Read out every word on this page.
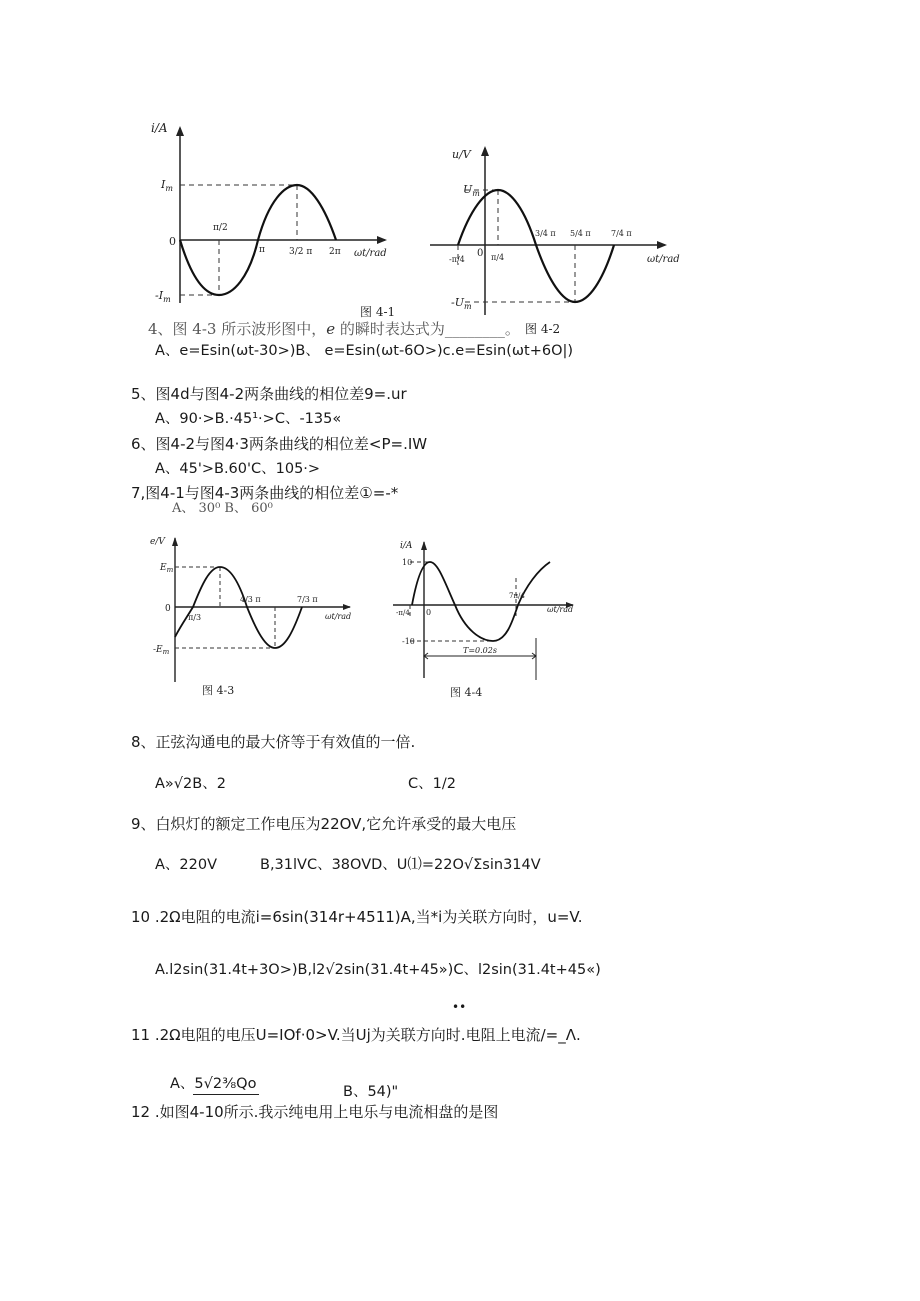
i/A
ωt/rad
$I_m$
$-I_m$
0
π/2
π	3/2 π 2π
图 4-1
u/V
ωt/rad
$U_m$
$-U_m$
0
-π/4	π/4
3/4 π 5/4 π	7/4 π
图 4-2
4、图 4-3 所示波形图中，e 的瞬时表达式为________。
A、e=Esin(ωt-30>)B、 e=Esin(ωt-6O>)c.e=Esin(ωt+6O|)
5、图4d与图4-2两条曲线的相位差9=.ur
A、90·>B.·45¹·>C、-135«
6、图4-2与图4·3两条曲线的相位差<P=.IW
A、45'>B.60'C、105·>
7,图4-1与图4-3两条曲线的相位差①=-*
A、 30⁰ B、 60⁰
e/V
ωt/rad
$E_m$
$-E_m$
0
π/3
4/3 π	7/3 π
图 4-3
i/A
ωt/rad
10
-10
0
-π/4
7π/4
T=0.02s
图 4-4
8、正弦沟通电的最大侪等于有效值的一倍.
A»√2B、2	C、1/2
9、白炽灯的额定工作电压为22OV,它允许承受的最大电压
A、220V	B,31lVC、38OVD、U⑴=22O√Σsin314V
10 .2Ω电阻的电流i=6sin(314r+4511)A,当*i为关联方向时，u=V.
A.l2sin(31.4t+3O>)B,l2√2sin(31.4t+45»)C、l2sin(31.4t+45«)
••
11 .2Ω电阻的电压U=IOf·0>V.当Uj为关联方向时.电阻上电流/=_Λ.
A、5√2⅜Qo	B、54)"
12 .如图4-10所示.我示纯电用上电乐与电流相盘的是图
